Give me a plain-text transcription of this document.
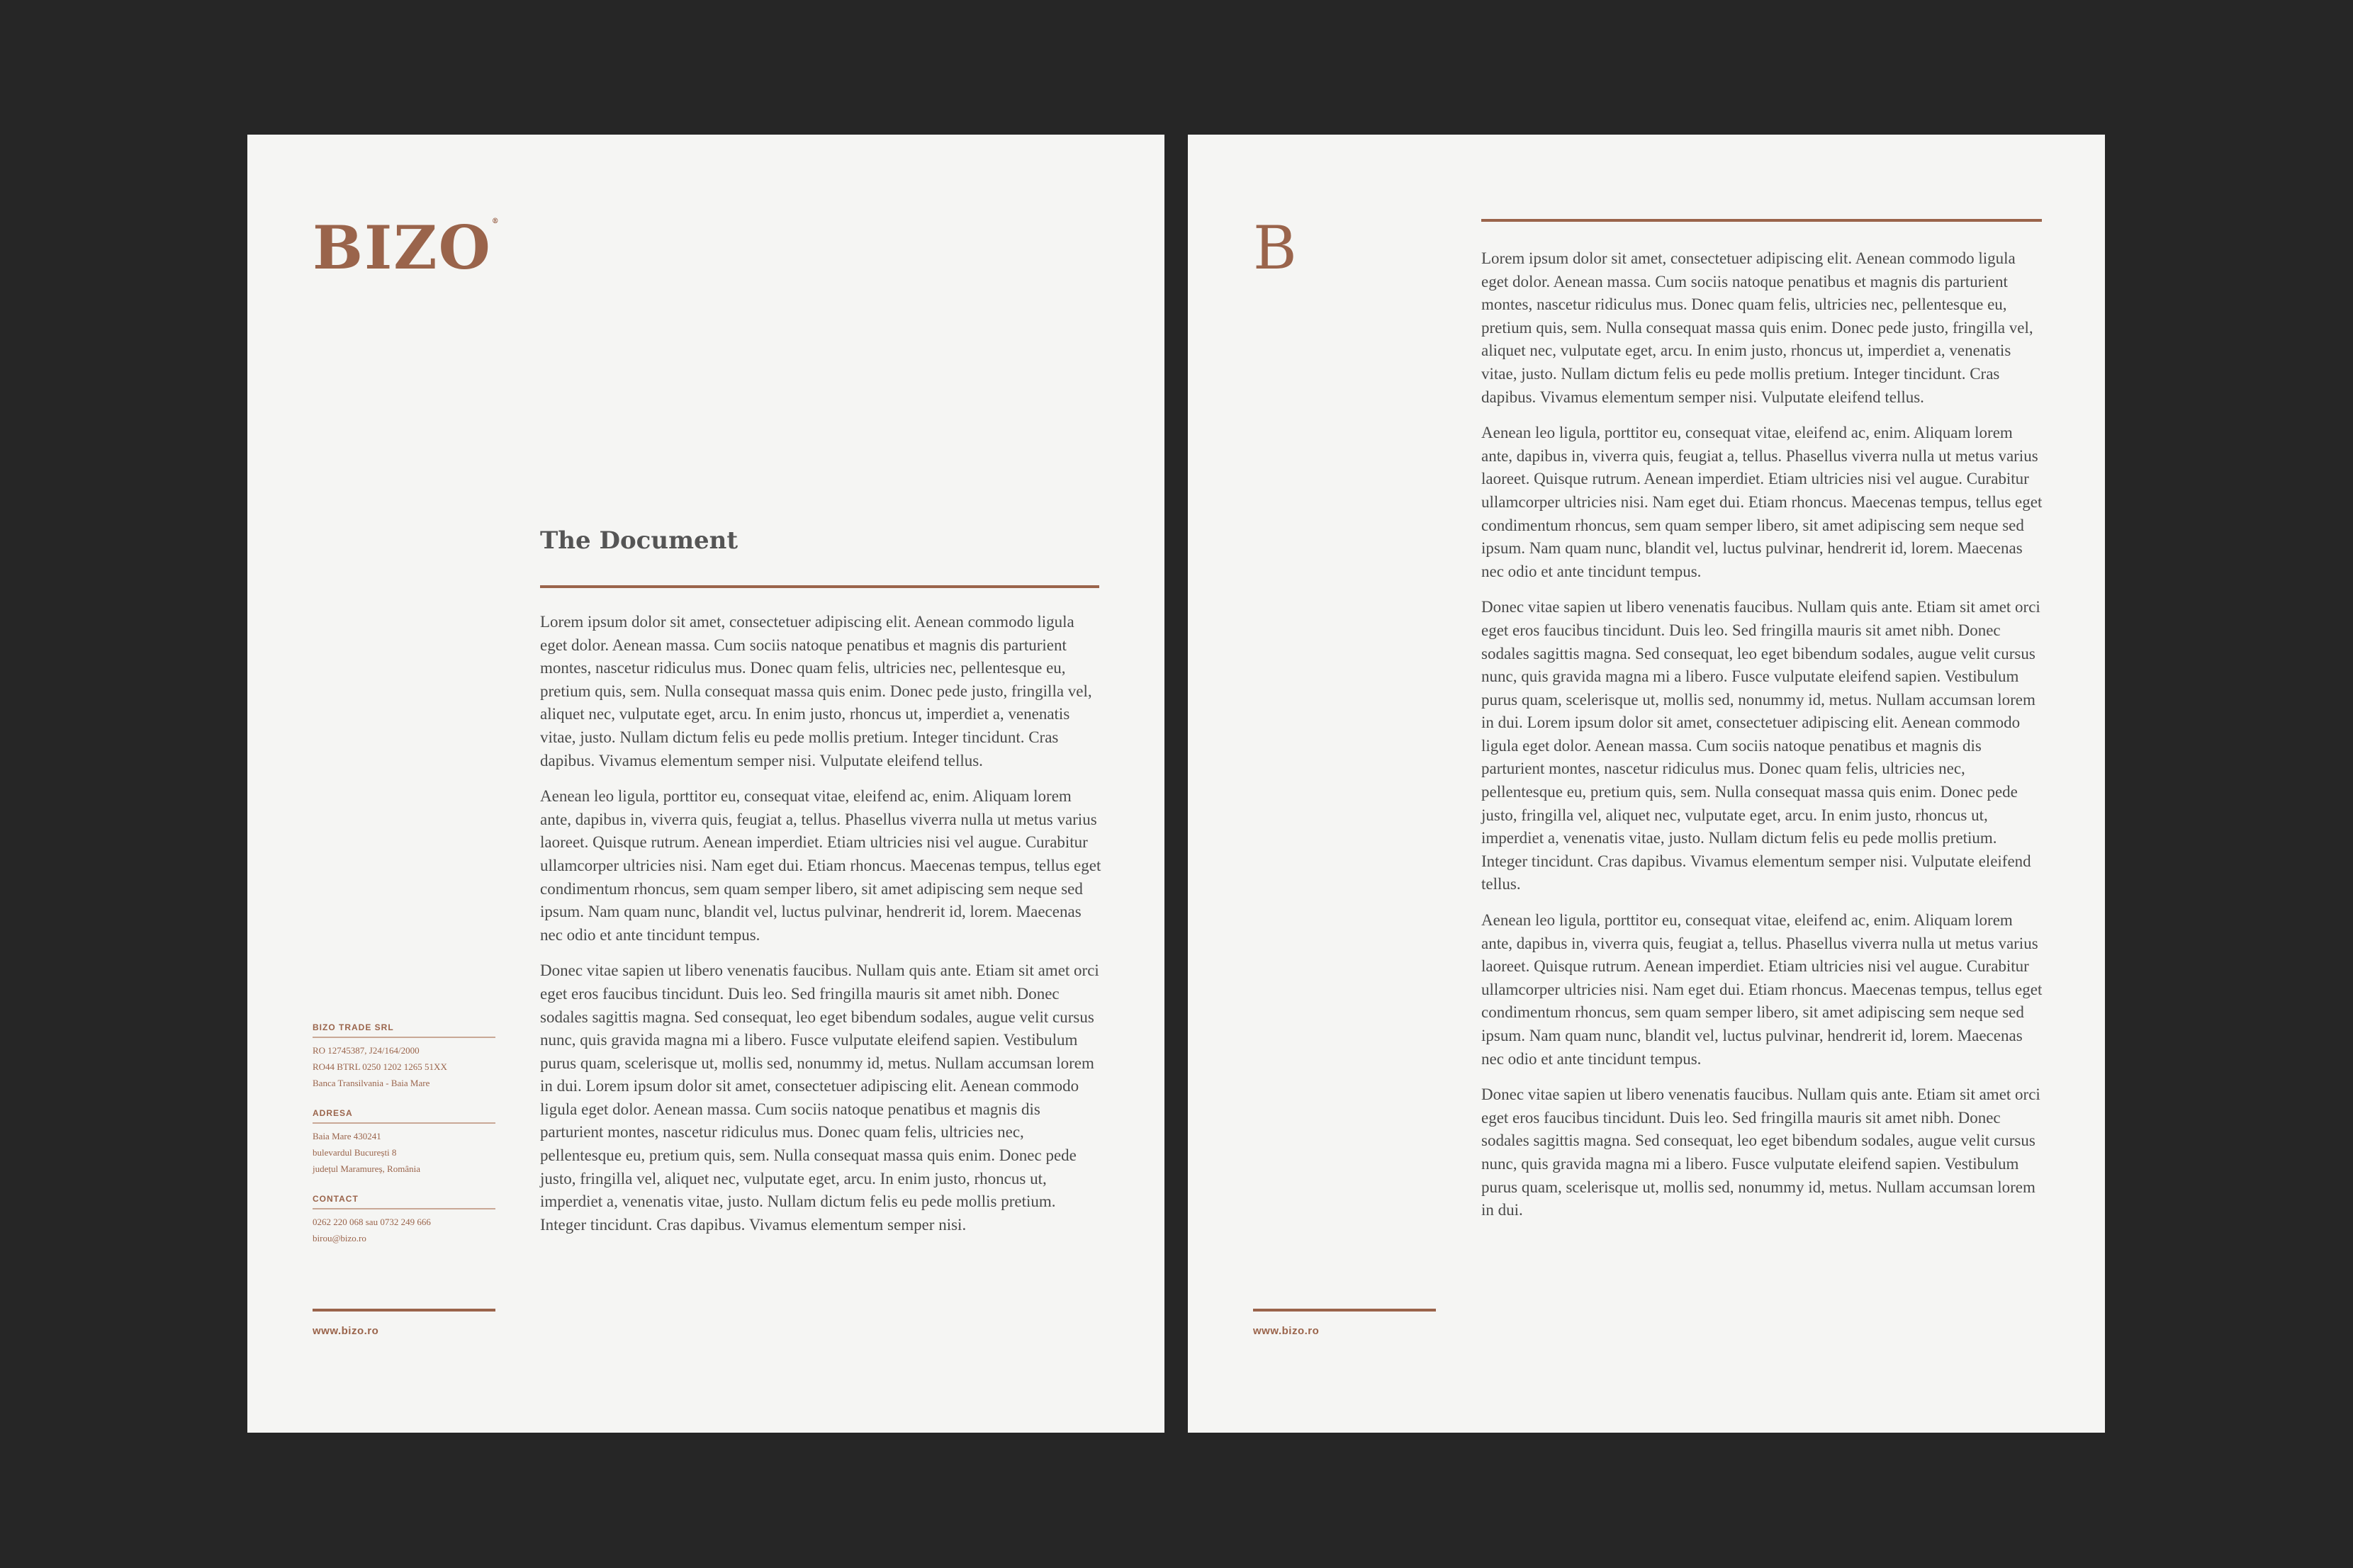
BIZO®
The Document

Lorem ipsum dolor sit amet, consectetuer adipiscing elit. Aenean commodo ligula eget dolor. Aenean massa. Cum sociis natoque penatibus et magnis dis parturient montes, nascetur ridiculus mus. Donec quam felis, ultricies nec, pellentesque eu, pretium quis, sem. Nulla consequat massa quis enim. Donec pede justo, fringilla vel, aliquet nec, vulputate eget, arcu. In enim justo, rhoncus ut, imperdiet a, venenatis vitae, justo. Nullam dictum felis eu pede mollis pretium. Integer tincidunt. Cras dapibus. Vivamus elementum semper nisi. Vulputate eleifend tellus.

Aenean leo ligula, porttitor eu, consequat vitae, eleifend ac, enim. Aliquam lorem ante, dapibus in, viverra quis, feugiat a, tellus. Phasellus viverra nulla ut metus varius laoreet. Quisque rutrum. Aenean imperdiet. Etiam ultricies nisi vel augue. Curabitur ullamcorper ultricies nisi. Nam eget dui. Etiam rhoncus. Maecenas tempus, tellus eget condimentum rhoncus, sem quam semper libero, sit amet adipiscing sem neque sed ipsum. Nam quam nunc, blandit vel, luctus pulvinar, hendrerit id, lorem. Maecenas nec odio et ante tincidunt tempus.

Donec vitae sapien ut libero venenatis faucibus. Nullam quis ante. Etiam sit amet orci eget eros faucibus tincidunt. Duis leo. Sed fringilla mauris sit amet nibh. Donec sodales sagittis magna. Sed consequat, leo eget bibendum sodales, augue velit cursus nunc, quis gravida magna mi a libero. Fusce vulputate eleifend sapien. Vestibulum purus quam, scelerisque ut, mollis sed, nonummy id, metus. Nullam accumsan lorem in dui. Lorem ipsum dolor sit amet, consectetuer adipiscing elit. Aenean commodo ligula eget dolor. Aenean massa. Cum sociis natoque penatibus et magnis dis parturient montes, nascetur ridiculus mus. Donec quam felis, ultricies nec, pellentesque eu, pretium quis, sem. Nulla consequat massa quis enim. Donec pede justo, fringilla vel, aliquet nec, vulputate eget, arcu. In enim justo, rhoncus ut, imperdiet a, venenatis vitae, justo. Nullam dictum felis eu pede mollis pretium. Integer tincidunt. Cras dapibus. Vivamus elementum semper nisi.

BIZO TRADE SRL
RO 12745387, J24/164/2000
RO44 BTRL 0250 1202 1265 51XX
Banca Transilvania - Baia Mare
ADRESA
Baia Mare 430241
bulevardul București 8
județul Maramureș, România
CONTACT
0262 220 068 sau 0732 249 666
birou@bizo.ro
www.bizo.ro
B	Lorem ipsum dolor sit amet, consectetuer adipiscing elit. Aenean commodo ligula eget dolor. Aenean massa. Cum sociis natoque penatibus et magnis dis parturient montes, nascetur ridiculus mus. Donec quam felis, ultricies nec, pellentesque eu, pretium quis, sem. Nulla consequat massa quis enim. Donec pede justo, fringilla vel, aliquet nec, vulputate eget, arcu. In enim justo, rhoncus ut, imperdiet a, venenatis vitae, justo. Nullam dictum felis eu pede mollis pretium. Integer tincidunt. Cras dapibus. Vivamus elementum semper nisi. Vulputate eleifend tellus.

Aenean leo ligula, porttitor eu, consequat vitae, eleifend ac, enim. Aliquam lorem ante, dapibus in, viverra quis, feugiat a, tellus. Phasellus viverra nulla ut metus varius laoreet. Quisque rutrum. Aenean imperdiet. Etiam ultricies nisi vel augue. Curabitur ullamcorper ultricies nisi. Nam eget dui. Etiam rhoncus. Maecenas tempus, tellus eget condimentum rhoncus, sem quam semper libero, sit amet adipiscing sem neque sed ipsum. Nam quam nunc, blandit vel, luctus pulvinar, hendrerit id, lorem. Maecenas nec odio et ante tincidunt tempus.

Donec vitae sapien ut libero venenatis faucibus. Nullam quis ante. Etiam sit amet orci eget eros faucibus tincidunt. Duis leo. Sed fringilla mauris sit amet nibh. Donec sodales sagittis magna. Sed consequat, leo eget bibendum sodales, augue velit cursus nunc, quis gravida magna mi a libero. Fusce vulputate eleifend sapien. Vestibulum purus quam, scelerisque ut, mollis sed, nonummy id, metus. Nullam accumsan lorem in dui. Lorem ipsum dolor sit amet, consectetuer adipiscing elit. Aenean commodo ligula eget dolor. Aenean massa. Cum sociis natoque penatibus et magnis dis parturient montes, nascetur ridiculus mus. Donec quam felis, ultricies nec, pellentesque eu, pretium quis, sem. Nulla consequat massa quis enim. Donec pede justo, fringilla vel, aliquet nec, vulputate eget, arcu. In enim justo, rhoncus ut, imperdiet a, venenatis vitae, justo. Nullam dictum felis eu pede mollis pretium. Integer tincidunt. Cras dapibus. Vivamus elementum semper nisi. Vulputate eleifend tellus.

Aenean leo ligula, porttitor eu, consequat vitae, eleifend ac, enim. Aliquam lorem ante, dapibus in, viverra quis, feugiat a, tellus. Phasellus viverra nulla ut metus varius laoreet. Quisque rutrum. Aenean imperdiet. Etiam ultricies nisi vel augue. Curabitur ullamcorper ultricies nisi. Nam eget dui. Etiam rhoncus. Maecenas tempus, tellus eget condimentum rhoncus, sem quam semper libero, sit amet adipiscing sem neque sed ipsum. Nam quam nunc, blandit vel, luctus pulvinar, hendrerit id, lorem. Maecenas nec odio et ante tincidunt tempus.

Donec vitae sapien ut libero venenatis faucibus. Nullam quis ante. Etiam sit amet orci eget eros faucibus tincidunt. Duis leo. Sed fringilla mauris sit amet nibh. Donec sodales sagittis magna. Sed consequat, leo eget bibendum sodales, augue velit cursus nunc, quis gravida magna mi a libero. Fusce vulputate eleifend sapien. Vestibulum purus quam, scelerisque ut, mollis sed, nonummy id, metus. Nullam accumsan lorem in dui.

www.bizo.ro
